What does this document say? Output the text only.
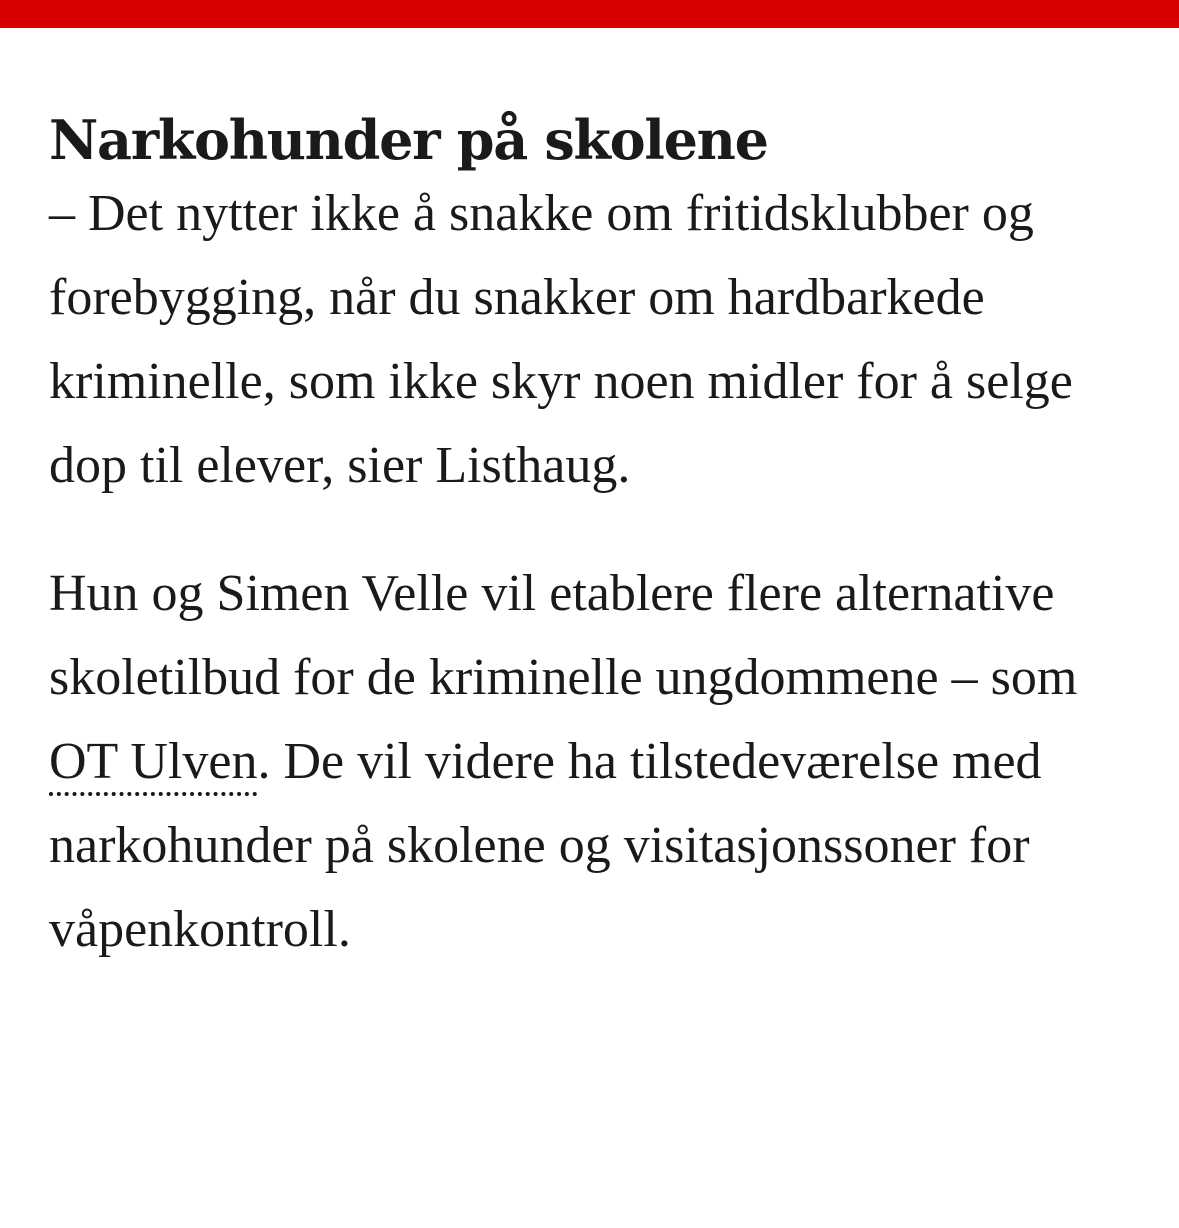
Narkohunder på skolene

– Det nytter ikke å snakke om fritidsklubber og forebygging, når du snakker om hardbarkede kriminelle, som ikke skyr noen midler for å selge dop til elever, sier Listhaug.

Hun og Simen Velle vil etablere flere alternative skoletilbud for de kriminelle ungdommene – som OT Ulven. De vil videre ha tilstedeværelse med narkohunder på skolene og visitasjonssoner for våpenkontroll.
